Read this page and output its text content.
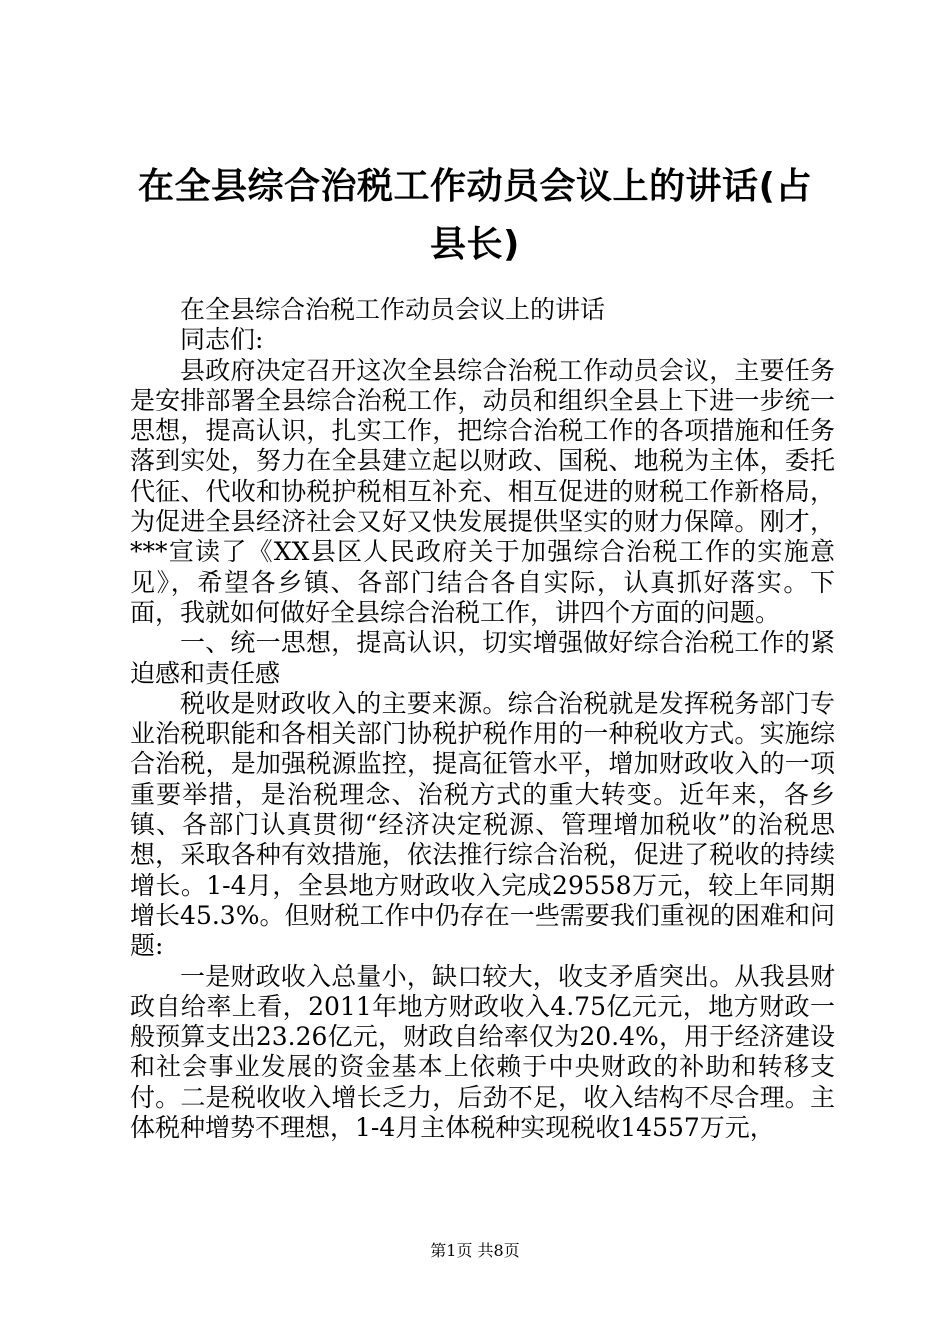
在全县综合治税工作动员会议上的讲话(占县长)

在全县综合治税工作动员会议上的讲话

同志们:

县政府决定召开这次全县综合治税工作动员会议，主要任务是安排部署全县综合治税工作，动员和组织全县上下进一步统一思想，提高认识，扎实工作，把综合治税工作的各项措施和任务落到实处，努力在全县建立起以财政、国税、地税为主体，委托代征、代收和协税护税相互补充、相互促进的财税工作新格局，为促进全县经济社会又好又快发展提供坚实的财力保障。刚才，***宣读了《XX县区人民政府关于加强综合治税工作的实施意见》，希望各乡镇、各部门结合各自实际，认真抓好落实。下面，我就如何做好全县综合治税工作，讲四个方面的问题。

一、统一思想，提高认识，切实增强做好综合治税工作的紧迫感和责任感

税收是财政收入的主要来源。综合治税就是发挥税务部门专业治税职能和各相关部门协税护税作用的一种税收方式。实施综合治税，是加强税源监控，提高征管水平，增加财政收入的一项重要举措，是治税理念、治税方式的重大转变。近年来，各乡镇、各部门认真贯彻“经济决定税源、管理增加税收”的治税思想，采取各种有效措施，依法推行综合治税，促进了税收的持续增长。1-4月，全县地方财政收入完成29558万元，较上年同期增长45.3%。但财税工作中仍存在一些需要我们重视的困难和问题:

一是财政收入总量小，缺口较大，收支矛盾突出。从我县财政自给率上看，2011年地方财政收入4.75亿元元，地方财政一般预算支出23.26亿元，财政自给率仅为20.4%，用于经济建设和社会事业发展的资金基本上依赖于中央财政的补助和转移支付。二是税收收入增长乏力，后劲不足，收入结构不尽合理。主体税种增势不理想，1-4月主体税种实现税收14557万元，

第1页 共8页
